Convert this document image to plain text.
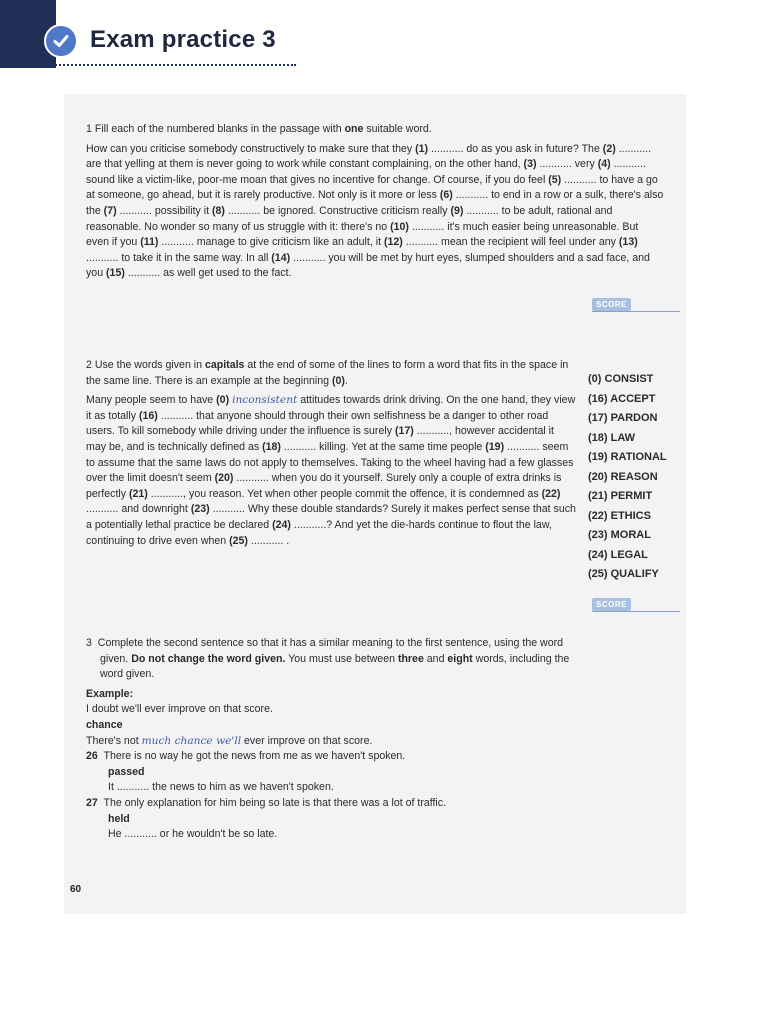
Exam practice 3
1 Fill each of the numbered blanks in the passage with one suitable word.
How can you criticise somebody constructively to make sure that they (1) ........... do as you ask in future? The (2) ........... are that yelling at them is never going to work while constant complaining, on the other hand, (3) ........... very (4) ........... sound like a victim-like, poor-me moan that gives no incentive for change. Of course, if you do feel (5) ........... to have a go at someone, go ahead, but it is rarely productive. Not only is it more or less (6) ........... to end in a row or a sulk, there's also the (7) ........... possibility it (8) ........... be ignored. Constructive criticism really (9) ........... to be adult, rational and reasonable. No wonder so many of us struggle with it: there's no (10) ........... it's much easier being unreasonable. But even if you (11) ........... manage to give criticism like an adult, it (12) ........... mean the recipient will feel under any (13) ........... to take it in the same way. In all (14) ........... you will be met by hurt eyes, slumped shoulders and a sad face, and you (15) ........... as well get used to the fact.
SCORE
2 Use the words given in capitals at the end of some of the lines to form a word that fits in the space in the same line. There is an example at the beginning (0).
Many people seem to have (0) inconsistent attitudes towards drink driving. On the one hand, they view it as totally (16) ........... that anyone should through their own selfishness be a danger to other road users. To kill somebody while driving under the influence is surely (17) ..........., however accidental it may be, and is technically defined as (18) ........... killing. Yet at the same time people (19) ........... seem to assume that the same laws do not apply to themselves. Taking to the wheel having had a few glasses over the limit doesn't seem (20) ........... when you do it yourself. Surely only a couple of extra drinks is perfectly (21) ..........., you reason. Yet when other people commit the offence, it is condemned as (22) ........... and downright (23) ........... Why these double standards? Surely it makes perfect sense that such a potentially lethal practice be declared (24) ...........? And yet the die-hards continue to flout the law, continuing to drive even when (25) ........... .
(0) CONSIST
(16) ACCEPT
(17) PARDON
(18) LAW
(19) RATIONAL
(20) REASON
(21) PERMIT
(22) ETHICS
(23) MORAL
(24) LEGAL
(25) QUALIFY
SCORE
3 Complete the second sentence so that it has a similar meaning to the first sentence, using the word given. Do not change the word given. You must use between three and eight words, including the word given.
Example:
I doubt we'll ever improve on that score.
chance
There's not much chance we'll ever improve on that score.
26 There is no way he got the news from me as we haven't spoken.
passed
It ........... the news to him as we haven't spoken.
27 The only explanation for him being so late is that there was a lot of traffic.
held
He ........... or he wouldn't be so late.
60
